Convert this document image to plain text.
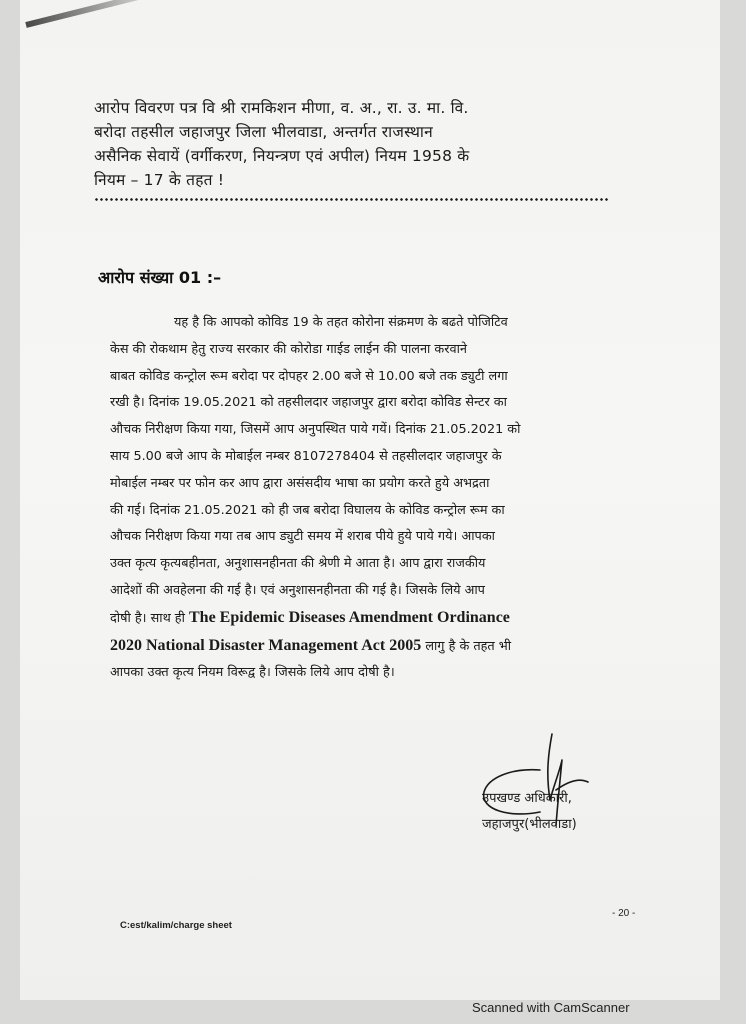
आरोप विवरण पत्र वि श्री रामकिशन मीणा, व. अ., रा. उ. मा. वि.
बरोदा तहसील जहाजपुर जिला भीलवाडा, अन्तर्गत राजस्थान
असैनिक सेवायें (वर्गीकरण, नियन्त्रण एवं अपील) नियम 1958 के
नियम – 17 के तहत !
आरोप संख्या 01 :–
यह है कि आपको कोविड 19 के तहत कोरोना संक्रमण के बढते पोजिटिव
केस की रोकथाम हेतु राज्य सरकार की कोरोडा गाईड लाईन की पालना करवाने
बाबत कोविड कन्ट्रोल रूम बरोदा पर दोपहर 2.00 बजे से 10.00 बजे तक ड्युटी लगा
रखी है। दिनांक 19.05.2021 को तहसीलदार जहाजपुर द्वारा बरोदा कोविड सेन्टर का
औचक निरीक्षण किया गया, जिसमें आप अनुपस्थित पाये गयें। दिनांक 21.05.2021 को
साय 5.00 बजे आप के मोबाईल नम्बर 8107278404 से तहसीलदार जहाजपुर के
मोबाईल नम्बर पर फोन कर आप द्वारा असंसदीय भाषा का प्रयोग करते हुये अभद्रता
की गई। दिनांक 21.05.2021 को ही जब बरोदा विघालय के कोविड कन्ट्रोल रूम का
औचक निरीक्षण किया गया तब आप ड्युटी समय में शराब पीये हुये पाये गये। आपका
उक्त कृत्य कृत्यबहीनता, अनुशासनहीनता की श्रेणी मे आता है। आप द्वारा राजकीय
आदेशों की अवहेलना की गई है। एवं अनुशासनहीनता की गई है। जिसके लिये आप
दोषी है। साथ ही The Epidemic Diseases Amendment Ordinance
2020 National Disaster Management Act 2005 लागु है के तहत भी
आपका उक्त कृत्य नियम विरूद्व है। जिसके लिये आप दोषी है।
उपखण्ड अधिकारी,
जहाजपुर(भीलवाडा)
C:est/kalim/charge sheet
- 20 -
Scanned with CamScanner
